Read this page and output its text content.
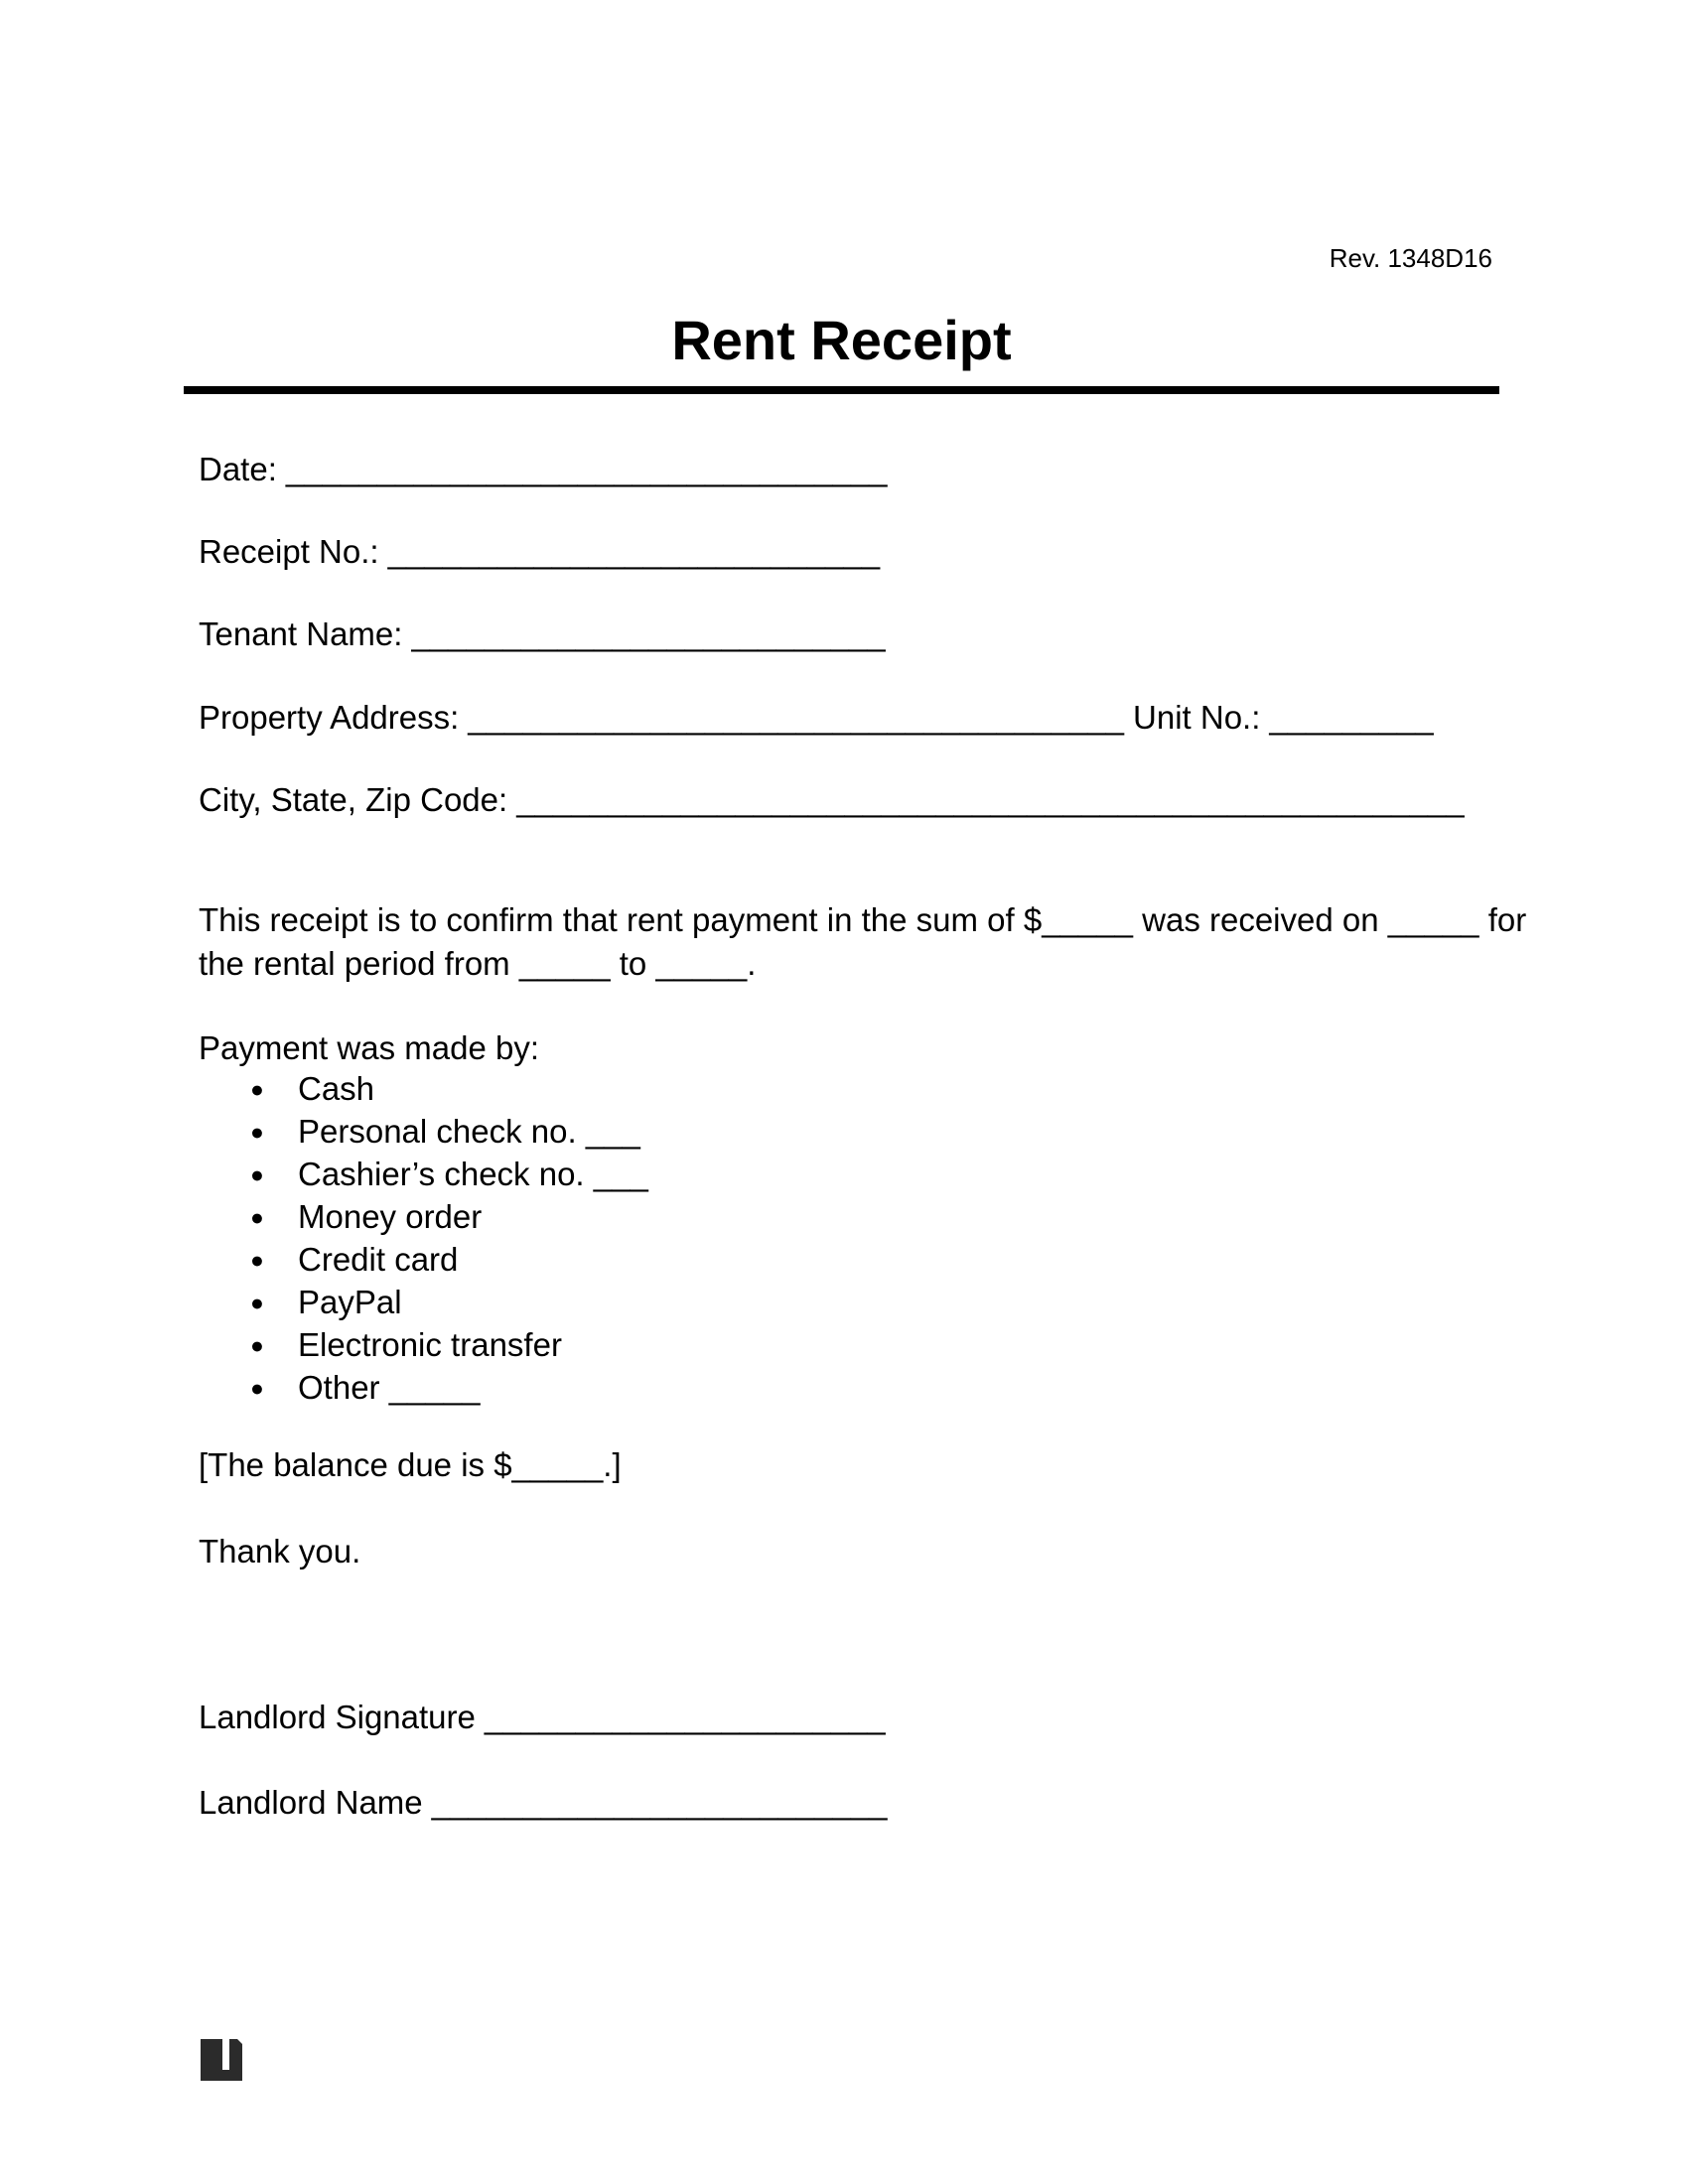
Rev. 1348D16
Rent Receipt
Date: _________________________________
Receipt No.: ___________________________
Tenant Name: __________________________
Property Address: ____________________________________ Unit No.: _________
City, State, Zip Code: ____________________________________________________
This receipt is to confirm that rent payment in the sum of $_____ was received on _____ for
the rental period from _____ to _____.
Payment was made by:
● Cash
● Personal check no. ___
● Cashier’s check no. ___
● Money order
● Credit card
● PayPal
● Electronic transfer
● Other _____
[The balance due is $_____.]
Thank you.
Landlord Signature ______________________
Landlord Name _________________________
